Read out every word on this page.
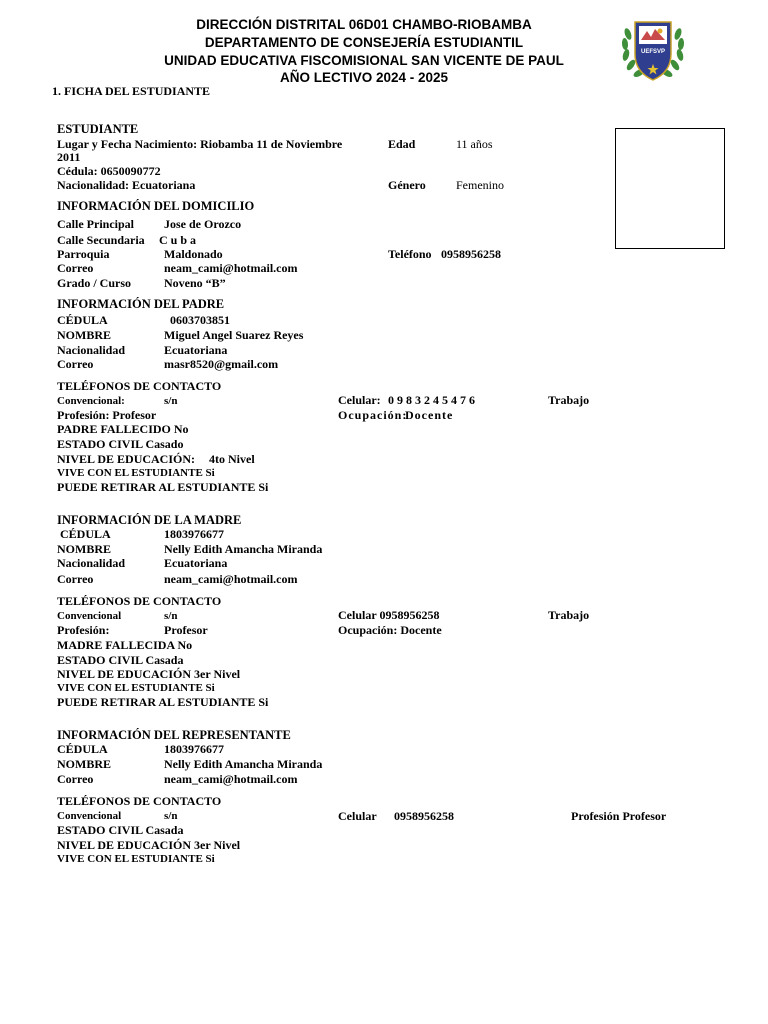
DIRECCIÓN DISTRITAL 06D01 CHAMBO-RIOBAMBA
DEPARTAMENTO DE CONSEJERÍA ESTUDIANTIL
UNIDAD EDUCATIVA FISCOMISIONAL SAN VICENTE DE PAUL
AÑO LECTIVO 2024 - 2025
UEFSVP
1. FICHA DEL ESTUDIANTE
ESTUDIANTE
Lugar y Fecha Nacimiento: Riobamba 11 de Noviembre
2011
Cédula: 0650090772
Nacionalidad: Ecuatoriana
Edad	11 años
Género	Femenino
INFORMACIÓN DEL DOMICILIO
Calle Principal	Jose de Orozco
Calle Secundaria C u b a
Parroquia	Maldonado
Correo	neam_cami@hotmail.com
Grado / Curso	Noveno “B”
Teléfono 0958956258
INFORMACIÓN DEL PADRE
CÉDULA	0603703851
NOMBRE	Miguel Angel Suarez Reyes
Nacionalidad	Ecuatoriana
Correo	masr8520@gmail.com
TELÉFONOS DE CONTACTO
Convencional:	s/n	Celular: 0 9 8 3 2 4 5 4 7 6	Trabajo
Profesión: Profesor	Ocupación:
Docente
PADRE FALLECIDO No
ESTADO CIVIL Casado
NIVEL DE EDUCACIÓN: 4to Nivel
VIVE CON EL ESTUDIANTE Si
PUEDE RETIRAR AL ESTUDIANTE Si
INFORMACIÓN DE LA MADRE
CÉDULA	1803976677
NOMBRE	Nelly Edith Amancha Miranda
Nacionalidad	Ecuatoriana
Correo	neam_cami@hotmail.com
TELÉFONOS DE CONTACTO
Convencional	s/n	Celular 0958956258	Trabajo
Profesión:	Profesor	Ocupación: Docente
MADRE FALLECIDA No
ESTADO CIVIL Casada
NIVEL DE EDUCACIÓN 3er Nivel
VIVE CON EL ESTUDIANTE Si
PUEDE RETIRAR AL ESTUDIANTE Si
INFORMACIÓN DEL REPRESENTANTE
CÉDULA	1803976677
NOMBRE	Nelly Edith Amancha Miranda
Correo	neam_cami@hotmail.com
TELÉFONOS DE CONTACTO
Convencional	s/n	Celular 0958956258	Profesión Profesor
ESTADO CIVIL Casada
NIVEL DE EDUCACIÓN 3er Nivel
VIVE CON EL ESTUDIANTE Si
